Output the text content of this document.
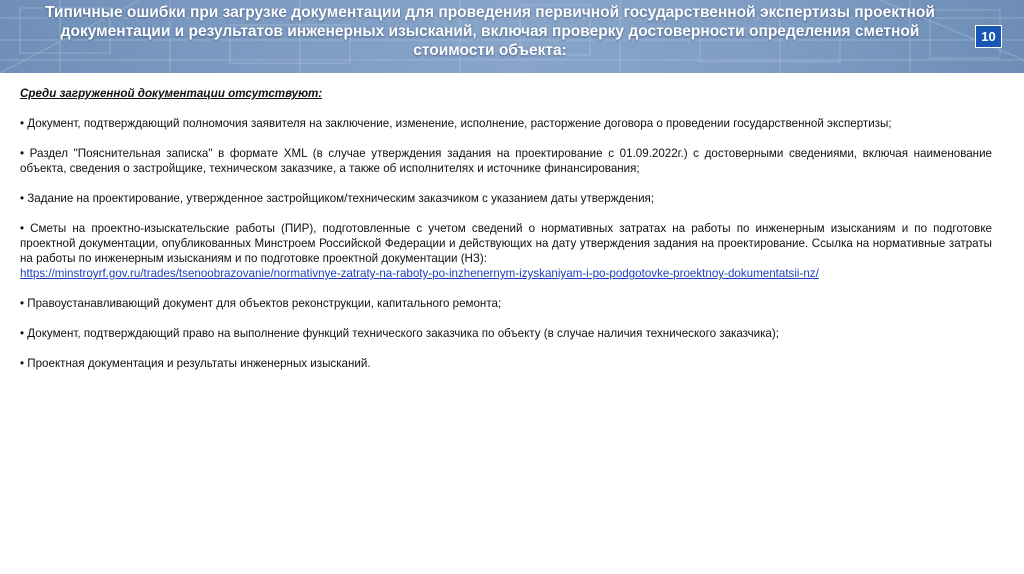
Типичные ошибки при загрузке документации для проведения первичной государственной экспертизы проектной документации и результатов инженерных изысканий, включая проверку достоверности определения сметной стоимости объекта:
10
Среди загруженной документации отсутствуют:
• Документ, подтверждающий полномочия заявителя на заключение, изменение, исполнение, расторжение договора о проведении государственной экспертизы;
• Раздел "Пояснительная записка" в формате XML (в случае утверждения задания на проектирование с 01.09.2022г.) с достоверными сведениями, включая наименование объекта, сведения о застройщике, техническом заказчике, а также об исполнителях и источнике финансирования;
• Задание на проектирование, утвержденное застройщиком/техническим заказчиком с указанием даты утверждения;
• Сметы на проектно-изыскательские работы (ПИР), подготовленные с учетом сведений о нормативных затратах на работы по инженерным изысканиям и по подготовке проектной документации, опубликованных Минстроем Российской Федерации и действующих на дату утверждения задания на проектирование. Ссылка на нормативные затраты на работы по инженерным изысканиям и по подготовке проектной документации (НЗ):
https://minstroyrf.gov.ru/trades/tsenoobrazovanie/normativnye-zatraty-na-raboty-po-inzhenernym-izyskaniyam-i-po-podgotovke-proektnoy-dokumentatsii-nz/
• Правоустанавливающий документ для объектов реконструкции, капитального ремонта;
• Документ, подтверждающий право на выполнение функций технического заказчика по объекту (в случае наличия технического заказчика);
• Проектная документация и результаты инженерных изысканий.
